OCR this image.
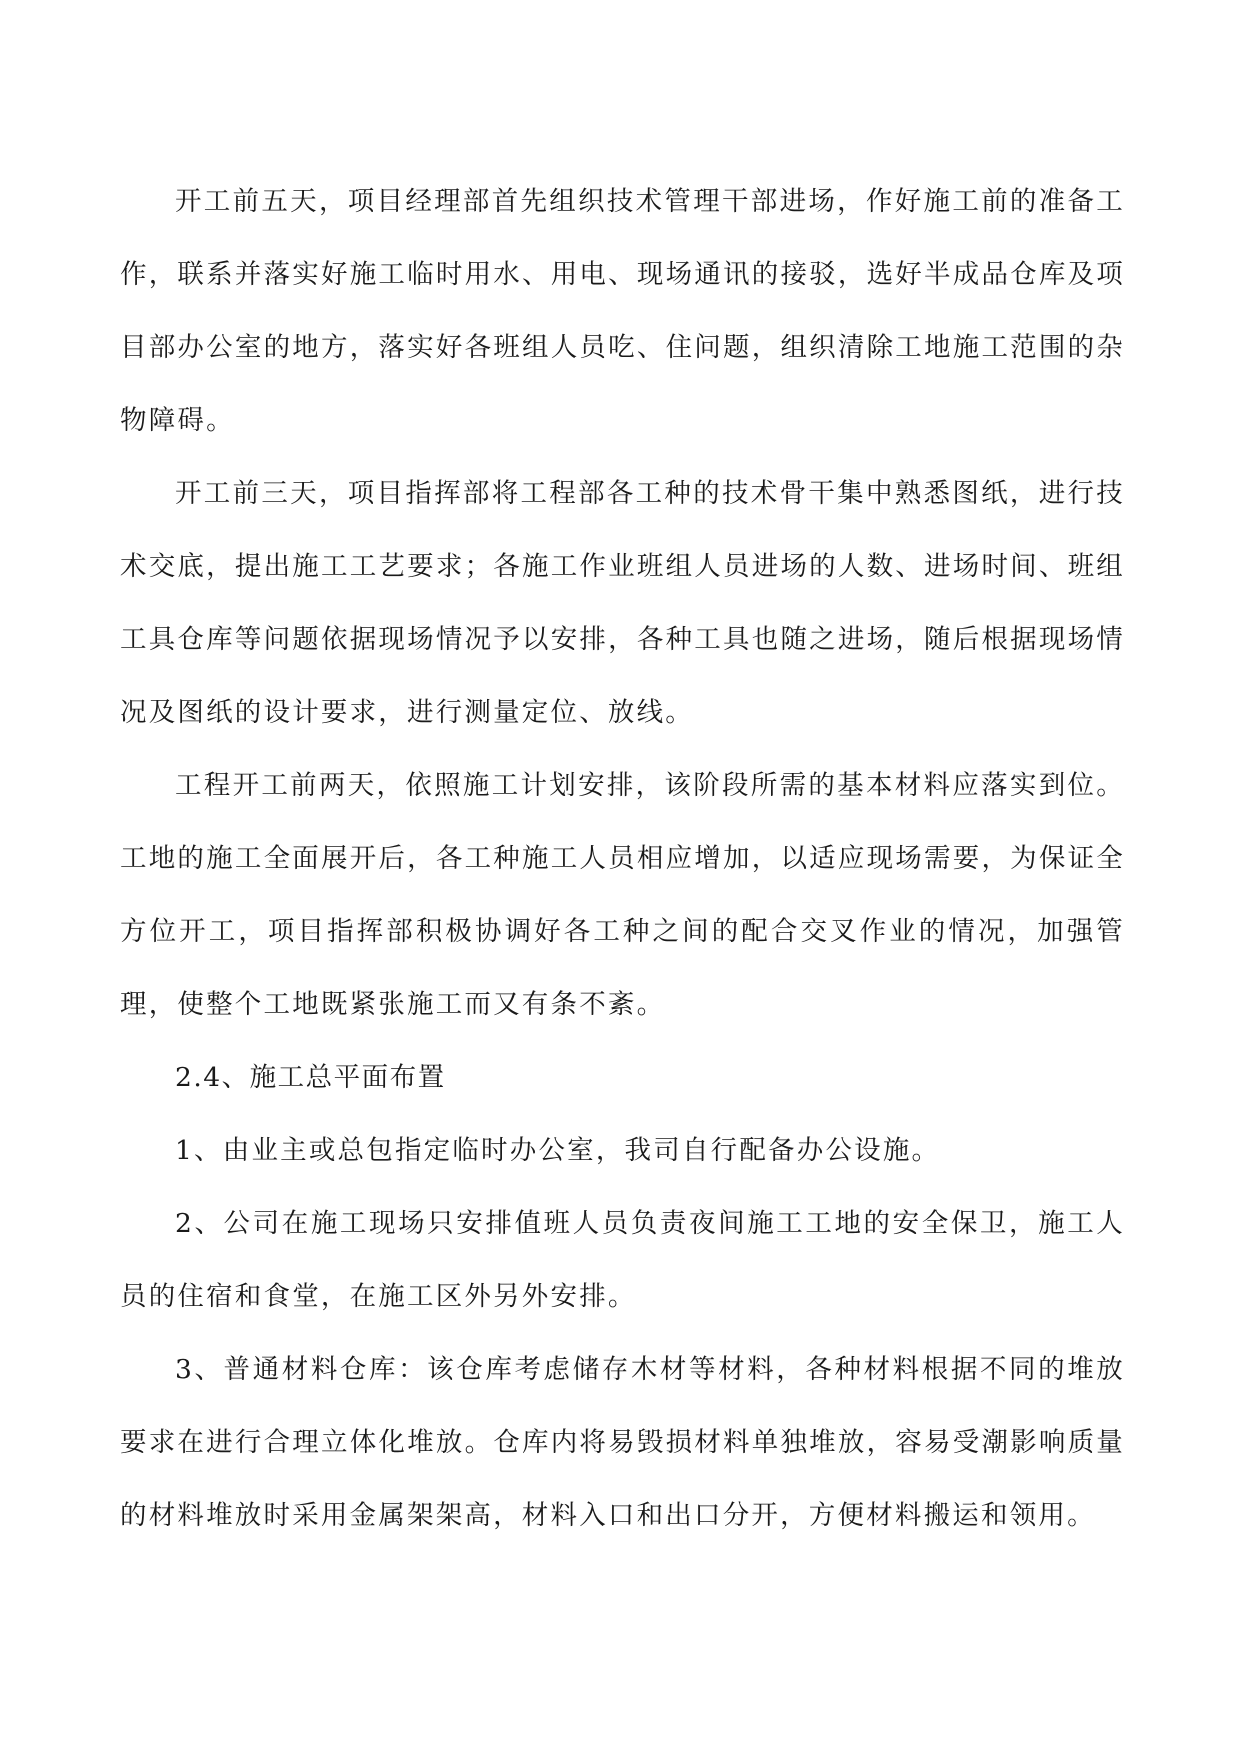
开工前五天，项目经理部首先组织技术管理干部进场，作好施工前的准备工作，联系并落实好施工临时用水、用电、现场通讯的接驳，选好半成品仓库及项目部办公室的地方，落实好各班组人员吃、住问题，组织清除工地施工范围的杂物障碍。

开工前三天，项目指挥部将工程部各工种的技术骨干集中熟悉图纸，进行技术交底，提出施工工艺要求；各施工作业班组人员进场的人数、进场时间、班组工具仓库等问题依据现场情况予以安排，各种工具也随之进场，随后根据现场情况及图纸的设计要求，进行测量定位、放线。

工程开工前两天，依照施工计划安排，该阶段所需的基本材料应落实到位。工地的施工全面展开后，各工种施工人员相应增加，以适应现场需要，为保证全方位开工，项目指挥部积极协调好各工种之间的配合交叉作业的情况，加强管理，使整个工地既紧张施工而又有条不紊。

2.4、施工总平面布置

1、由业主或总包指定临时办公室，我司自行配备办公设施。

2、公司在施工现场只安排值班人员负责夜间施工工地的安全保卫，施工人员的住宿和食堂，在施工区外另外安排。

3、普通材料仓库：该仓库考虑储存木材等材料，各种材料根据不同的堆放要求在进行合理立体化堆放。仓库内将易毁损材料单独堆放，容易受潮影响质量的材料堆放时采用金属架架高，材料入口和出口分开，方便材料搬运和领用。
